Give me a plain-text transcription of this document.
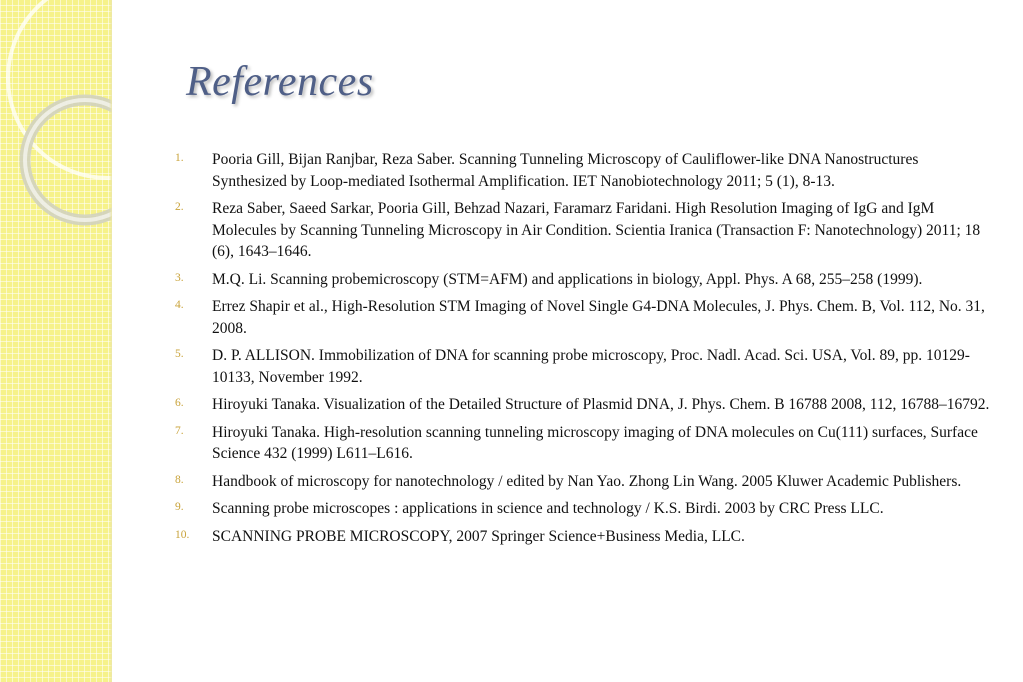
References
1.	Pooria Gill, Bijan Ranjbar, Reza Saber. Scanning Tunneling Microscopy of Cauliflower-like DNA Nanostructures Synthesized by Loop-mediated Isothermal Amplification. IET Nanobiotechnology 2011; 5 (1), 8-13.
2.	Reza Saber, Saeed Sarkar, Pooria Gill, Behzad Nazari, Faramarz Faridani. High Resolution Imaging of IgG and IgM Molecules by Scanning Tunneling Microscopy in Air Condition. Scientia Iranica (Transaction F: Nanotechnology) 2011; 18 (6), 1643–1646.
3.	M.Q. Li. Scanning probemicroscopy (STM=AFM) and applications in biology, Appl. Phys. A 68, 255–258 (1999).
4.	Errez Shapir et al., High-Resolution STM Imaging of Novel Single G4-DNA Molecules, J. Phys. Chem. B, Vol. 112, No. 31, 2008.
5.	D. P. ALLISON. Immobilization of DNA for scanning probe microscopy, Proc. Nadl. Acad. Sci. USA, Vol. 89, pp. 10129-10133, November 1992.
6.	Hiroyuki Tanaka. Visualization of the Detailed Structure of Plasmid DNA, J. Phys. Chem. B 16788 2008, 112, 16788–16792.
7.	Hiroyuki Tanaka. High-resolution scanning tunneling microscopy imaging of DNA molecules on Cu(111) surfaces, Surface Science 432 (1999) L611–L616.
8.	Handbook of microscopy for nanotechnology / edited by Nan Yao. Zhong Lin Wang. 2005 Kluwer Academic Publishers.
9.	Scanning probe microscopes : applications in science and technology / K.S. Birdi. 2003 by CRC Press LLC.
10.	SCANNING PROBE MICROSCOPY, 2007 Springer Science+Business Media, LLC.
